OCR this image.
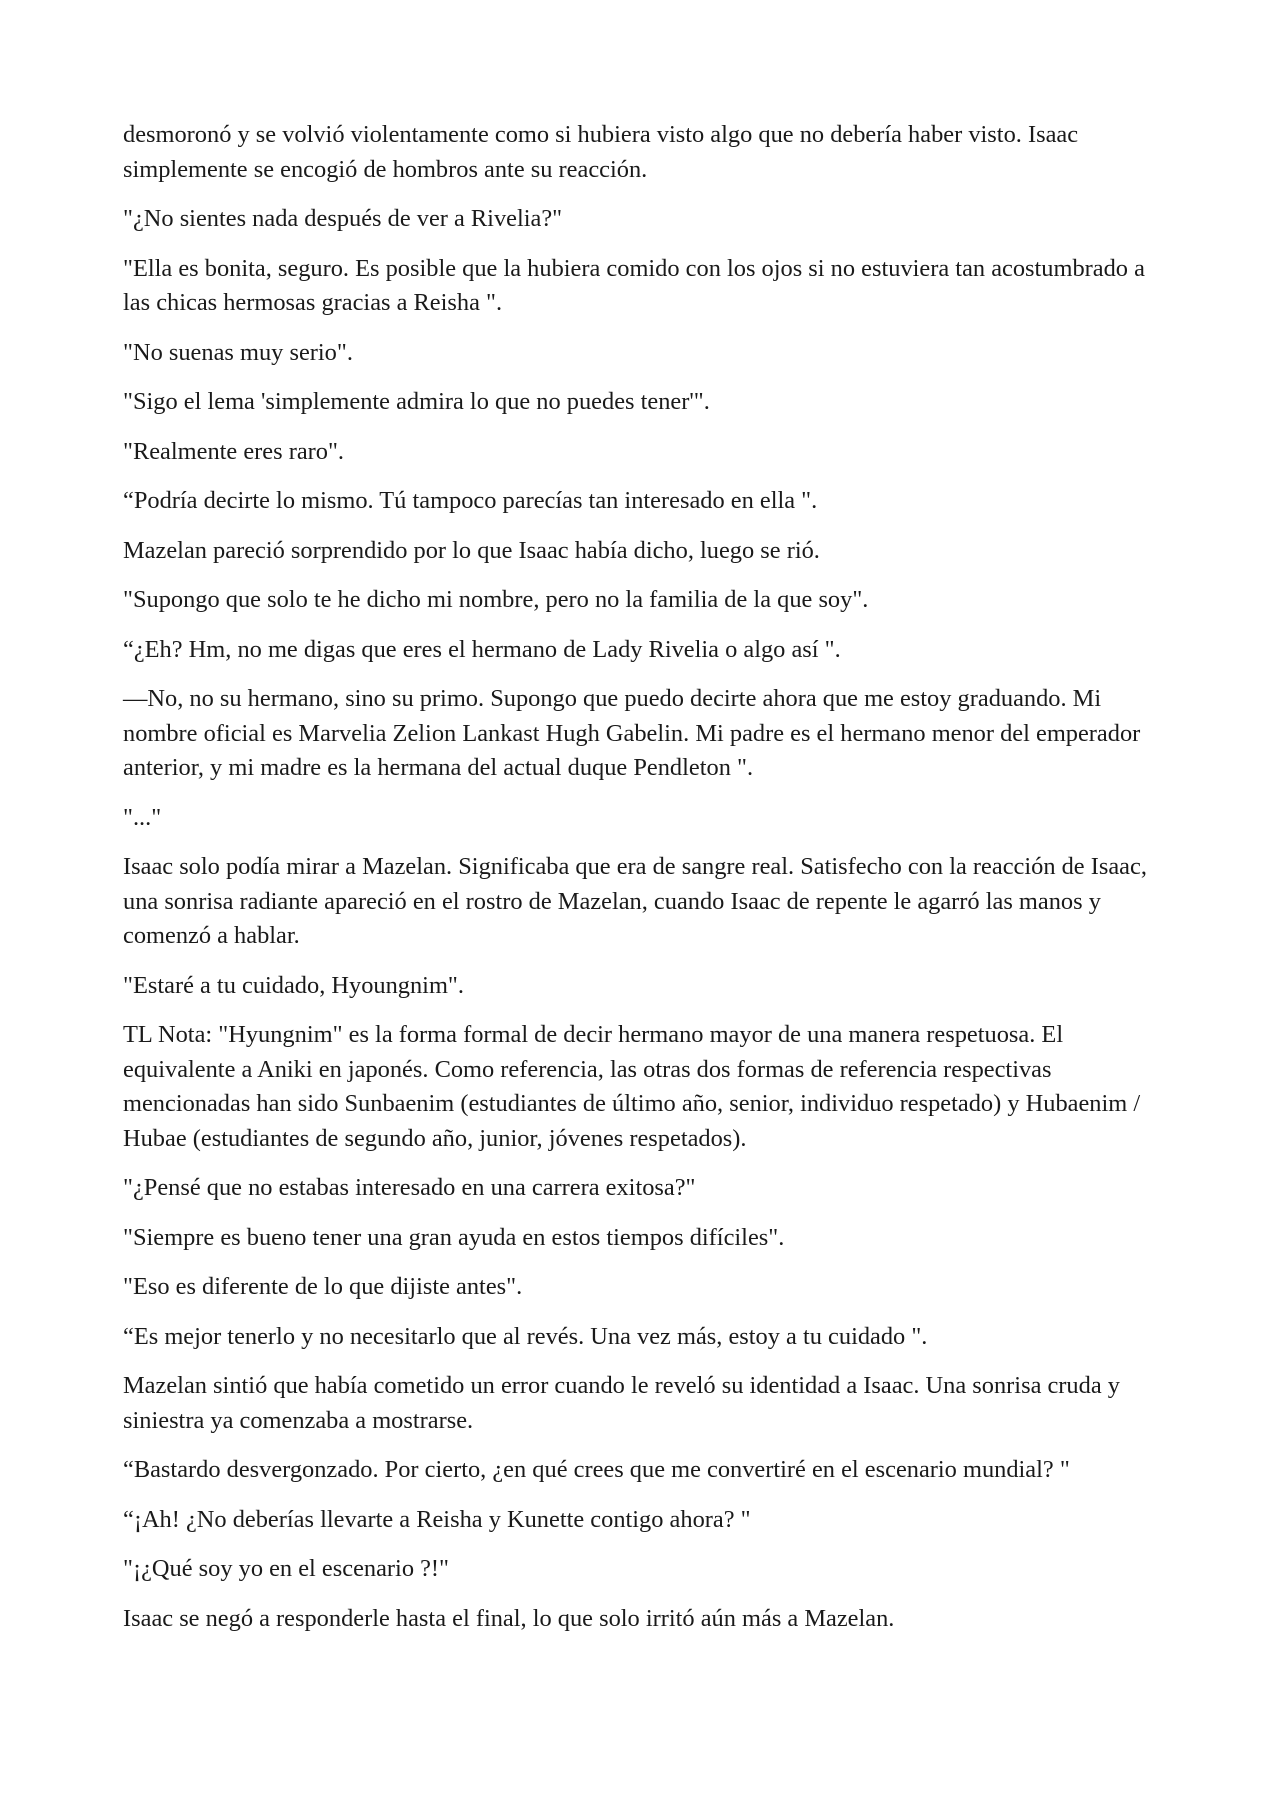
desmoronó y se volvió violentamente como si hubiera visto algo que no debería haber visto. Isaac simplemente se encogió de hombros ante su reacción.

"¿No sientes nada después de ver a Rivelia?"

"Ella es bonita, seguro. Es posible que la hubiera comido con los ojos si no estuviera tan acostumbrado a las chicas hermosas gracias a Reisha ".

"No suenas muy serio".

"Sigo el lema 'simplemente admira lo que no puedes tener'".

"Realmente eres raro".

“Podría decirte lo mismo. Tú tampoco parecías tan interesado en ella ".

Mazelan pareció sorprendido por lo que Isaac había dicho, luego se rió.

"Supongo que solo te he dicho mi nombre, pero no la familia de la que soy".

“¿Eh? Hm, no me digas que eres el hermano de Lady Rivelia o algo así ".

—No, no su hermano, sino su primo. Supongo que puedo decirte ahora que me estoy graduando. Mi nombre oficial es Marvelia Zelion Lankast Hugh Gabelin. Mi padre es el hermano menor del emperador anterior, y mi madre es la hermana del actual duque Pendleton ".

"..."

Isaac solo podía mirar a Mazelan. Significaba que era de sangre real. Satisfecho con la reacción de Isaac, una sonrisa radiante apareció en el rostro de Mazelan, cuando Isaac de repente le agarró las manos y comenzó a hablar.

"Estaré a tu cuidado, Hyoungnim".

TL Nota: "Hyungnim" es la forma formal de decir hermano mayor de una manera respetuosa. El equivalente a Aniki en japonés. Como referencia, las otras dos formas de referencia respectivas mencionadas han sido Sunbaenim (estudiantes de último año, senior, individuo respetado) y Hubaenim / Hubae (estudiantes de segundo año, junior, jóvenes respetados).

"¿Pensé que no estabas interesado en una carrera exitosa?"

"Siempre es bueno tener una gran ayuda en estos tiempos difíciles".

"Eso es diferente de lo que dijiste antes".

“Es mejor tenerlo y no necesitarlo que al revés. Una vez más, estoy a tu cuidado ".

Mazelan sintió que había cometido un error cuando le reveló su identidad a Isaac. Una sonrisa cruda y siniestra ya comenzaba a mostrarse.

“Bastardo desvergonzado. Por cierto, ¿en qué crees que me convertiré en el escenario mundial? "

“¡Ah! ¿No deberías llevarte a Reisha y Kunette contigo ahora? "

"¡¿Qué soy yo en el escenario ?!"

Isaac se negó a responderle hasta el final, lo que solo irritó aún más a Mazelan.
